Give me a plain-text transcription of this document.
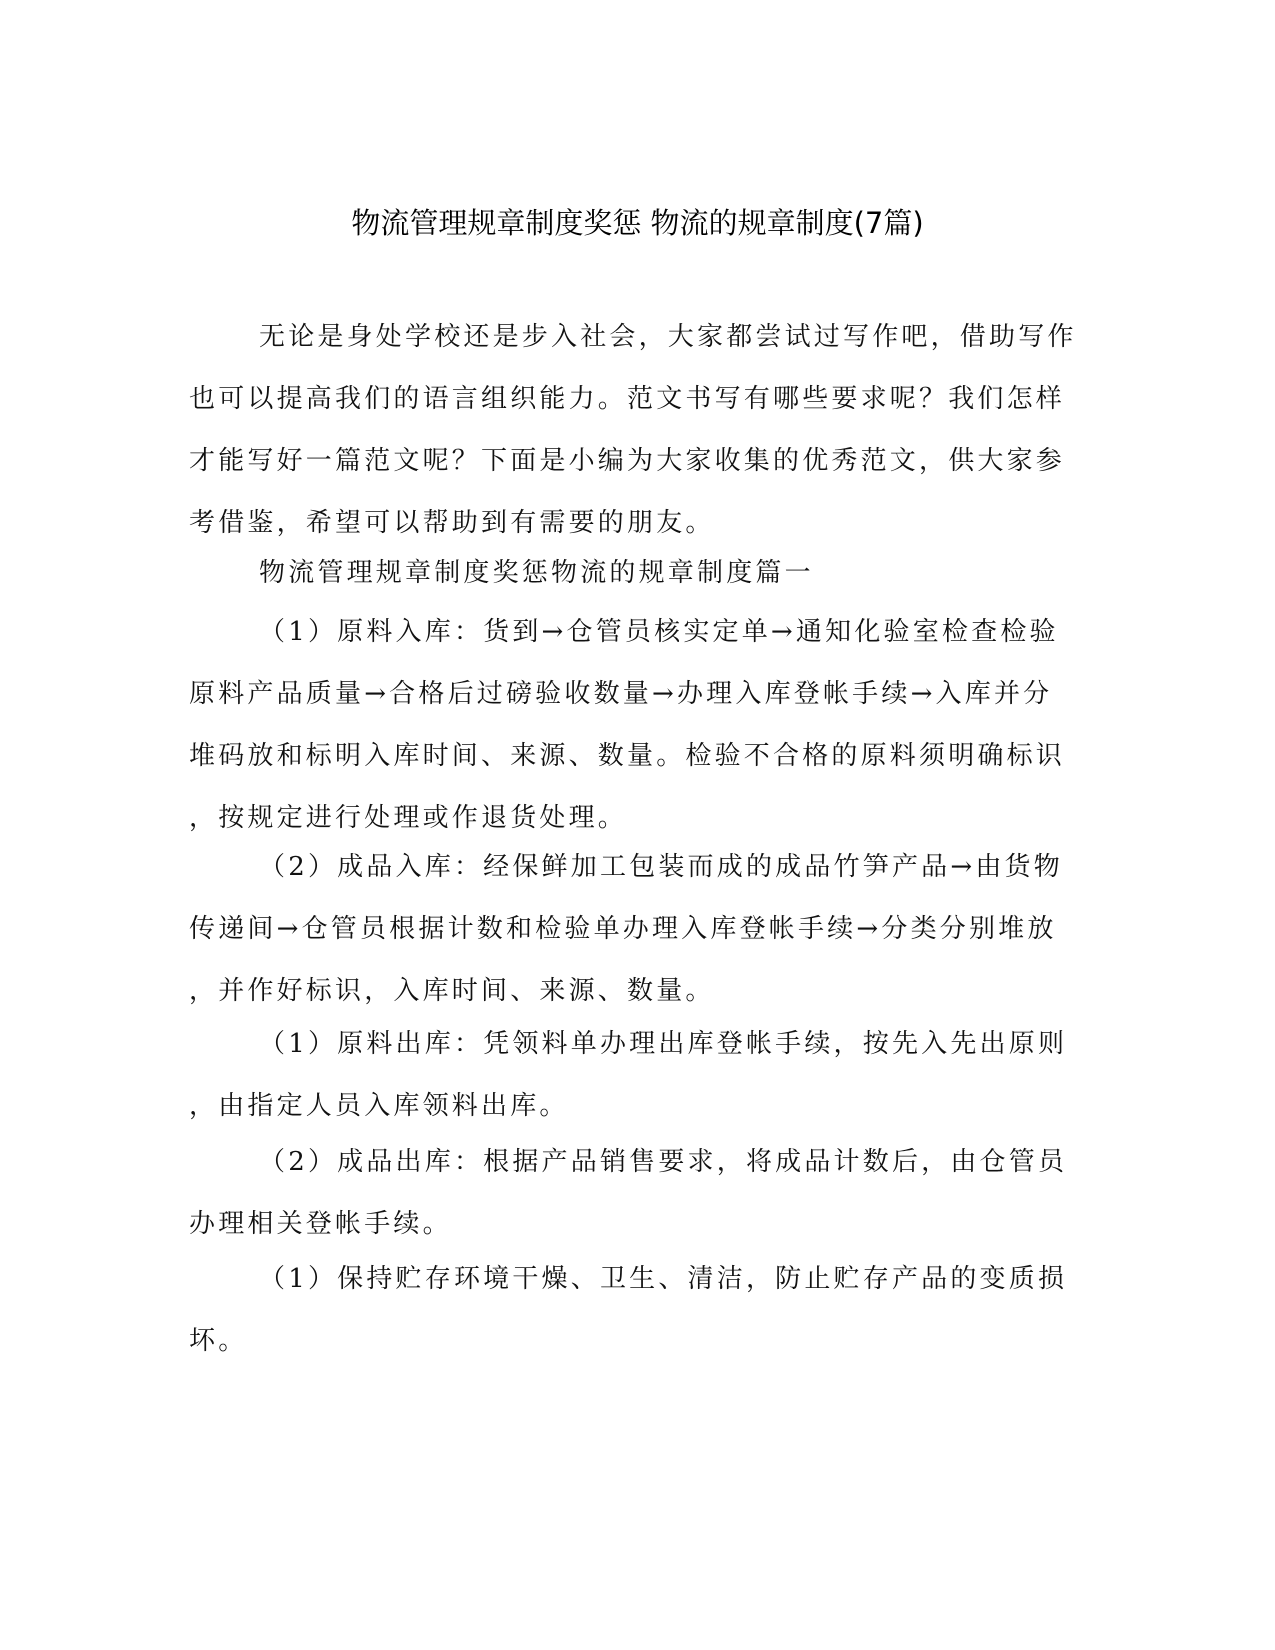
物流管理规章制度奖惩 物流的规章制度(7篇)
无论是身处学校还是步入社会，大家都尝试过写作吧，借助写作
也可以提高我们的语言组织能力。范文书写有哪些要求呢？我们怎样
才能写好一篇范文呢？下面是小编为大家收集的优秀范文，供大家参
考借鉴，希望可以帮助到有需要的朋友。
物流管理规章制度奖惩物流的规章制度篇一
（1）原料入库：货到→仓管员核实定单→通知化验室检查检验
原料产品质量→合格后过磅验收数量→办理入库登帐手续→入库并分
堆码放和标明入库时间、来源、数量。检验不合格的原料须明确标识
，按规定进行处理或作退货处理。
（2）成品入库：经保鲜加工包装而成的成品竹笋产品→由货物
传递间→仓管员根据计数和检验单办理入库登帐手续→分类分别堆放
，并作好标识，入库时间、来源、数量。
（1）原料出库：凭领料单办理出库登帐手续，按先入先出原则
，由指定人员入库领料出库。
（2）成品出库：根据产品销售要求，将成品计数后，由仓管员
办理相关登帐手续。
（1）保持贮存环境干燥、卫生、清洁，防止贮存产品的变质损
坏。
